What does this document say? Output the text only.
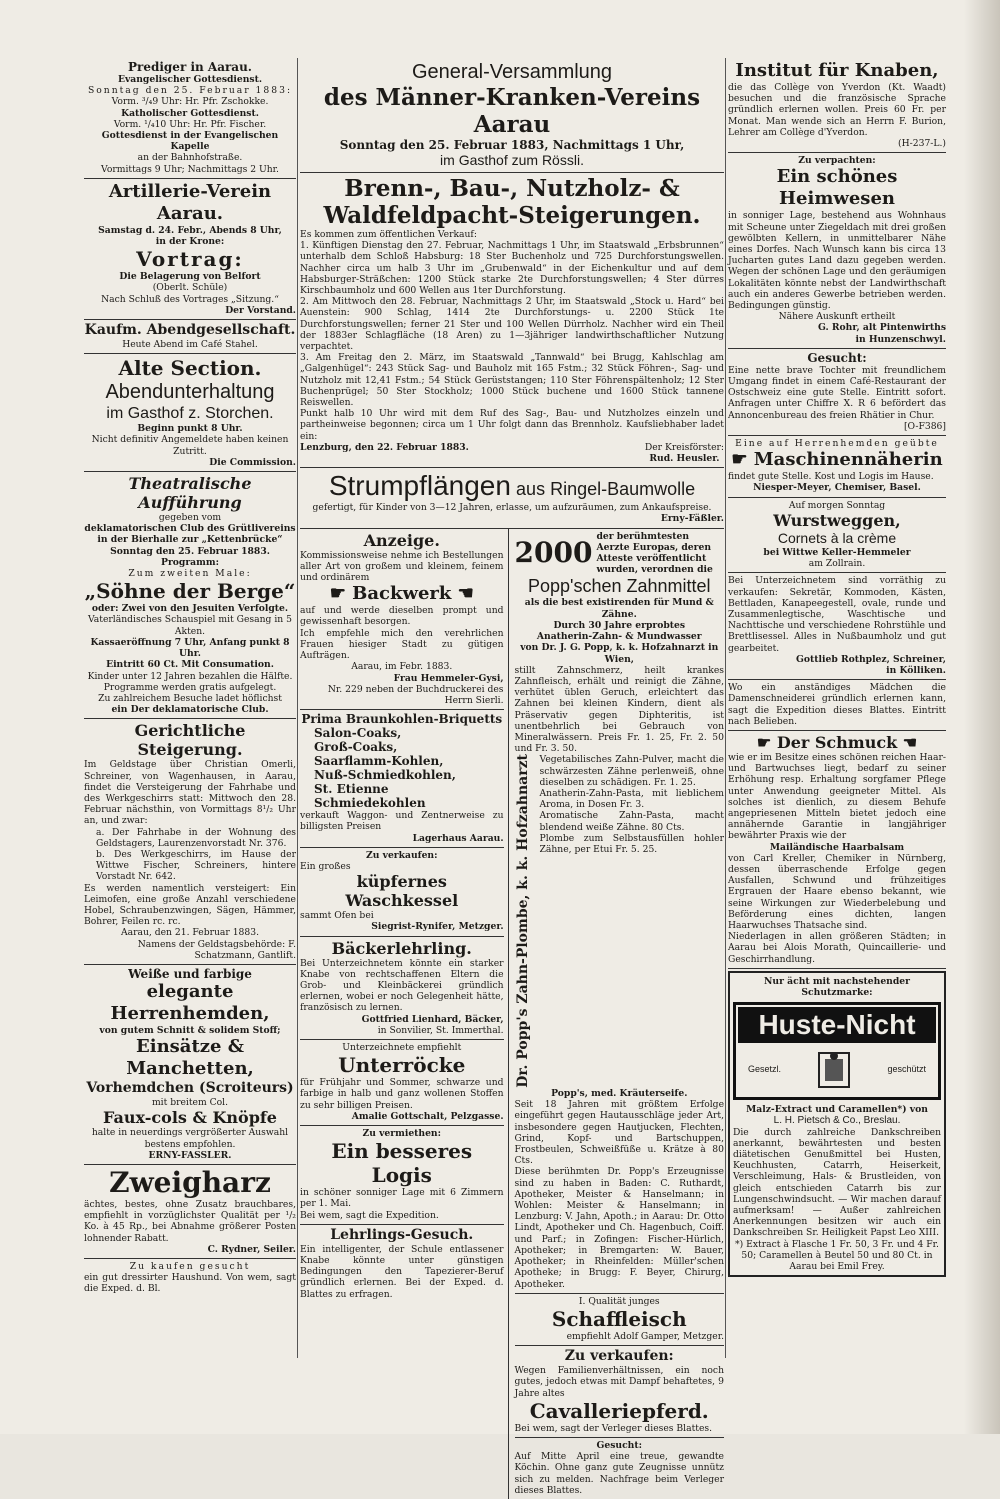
Prediger in Aarau.
Evangelischer Gottesdienst.
Sonntag den 25. Februar 1883:
Vorm. ³/₄9 Uhr: Hr. Pfr. Zschokke.
Katholischer Gottesdienst.
Vorm. ¹/₄10 Uhr: Hr. Pfr. Fischer.
Gottesdienst in der Evangelischen Kapelle
an der Bahnhofstraße.
Vormittags 9 Uhr; Nachmittags 2 Uhr.
Artillerie-Verein Aarau.
Samstag d. 24. Febr., Abends 8 Uhr,
in der Krone:
Vortrag:
Die Belagerung von Belfort
(Oberlt. Schüle)
Nach Schluß des Vortrages „Sitzung.“
Der Vorstand.
Kaufm. Abendgesellschaft.
Heute Abend im Café Stahel.
Alte Section.
Abendunterhaltung
im Gasthof z. Storchen.
Beginn punkt 8 Uhr.
Nicht definitiv Angemeldete haben keinen Zutritt.
Die Commission.
Theatralische Aufführung
gegeben vom
deklamatorischen Club des Grütlivereins
in der Bierhalle zur „Kettenbrücke“
Sonntag den 25. Februar 1883.
Programm:
Zum zweiten Male:
„Söhne der Berge“
oder: Zwei von den Jesuiten Verfolgte.
Vaterländisches Schauspiel mit Gesang in 5 Akten.
Kassaeröffnung 7 Uhr, Anfang punkt 8 Uhr.
Eintritt 60 Ct. Mit Consumation.
Kinder unter 12 Jahren bezahlen die Hälfte.
Programme werden gratis aufgelegt.
Zu zahlreichem Besuche ladet höflichst
ein Der deklamatorische Club.
Gerichtliche Steigerung.
Im Geldstage über Christian Omerli, Schreiner, von Wagenhausen, in Aarau, findet die Versteigerung der Fahrhabe und des Werkgeschirrs statt: Mittwoch den 28. Februar nächsthin, von Vormittags 8¹/₂ Uhr an, und zwar:
a. Der Fahrhabe in der Wohnung des Geldstagers, Laurenzenvorstadt Nr. 376.
b. Des Werkgeschirrs, im Hause der Wittwe Fischer, Schreiners, hintere Vorstadt Nr. 642.
Es werden namentlich versteigert: Ein Leimofen, eine große Anzahl verschiedene Hobel, Schraubenzwingen, Sägen, Hämmer, Bohrer, Feilen rc. rc.
Aarau, den 21. Februar 1883.
Namens der Geldstagsbehörde: F. Schatzmann, Gantlift.
Weiße und farbige
elegante Herrenhemden,
von gutem Schnitt & solidem Stoff;
Einsätze & Manchetten,
Vorhemdchen (Scroiteurs)
mit breitem Col.
Faux-cols & Knöpfe
halte in neuerdings vergrößerter Auswahl bestens empfohlen.
ERNY-FASSLER.
Zweigharz
ächtes, bestes, ohne Zusatz brauchbares, empfiehlt in vorzüglichster Qualität per ¹/₂ Ko. à 45 Rp., bei Abnahme größerer Posten lohnender Rabatt.
C. Rydner, Seiler.
Zu kaufen gesucht
ein gut dressirter Haushund. Von wem, sagt die Exped. d. Bl.
General-Versammlung
des Männer-Kranken-Vereins Aarau
Sonntag den 25. Februar 1883, Nachmittags 1 Uhr,
im Gasthof zum Rössli.
Brenn-, Bau-, Nutzholz- & Waldfeldpacht-Steigerungen.
Es kommen zum öffentlichen Verkauf:
1. Künftigen Dienstag den 27. Februar, Nachmittags 1 Uhr, im Staatswald „Erbsbrunnen“ unterhalb dem Schloß Habsburg: 18 Ster Buchenholz und 725 Durchforstungswellen. Nachher circa um halb 3 Uhr im „Grubenwald“ in der Eichenkultur und auf dem Habsburger-Sträßchen: 1200 Stück starke 2te Durchforstungswellen; 4 Ster dürres Kirschbaumholz und 600 Wellen aus 1ter Durchforstung.
2. Am Mittwoch den 28. Februar, Nachmittags 2 Uhr, im Staatswald „Stock u. Hard“ bei Auenstein: 900 Schlag, 1414 2te Durchforstungs- u. 2200 Stück 1te Durchforstungswellen; ferner 21 Ster und 100 Wellen Dürrholz. Nachher wird ein Theil der 1883er Schlagfläche (18 Aren) zu 1—3jähriger landwirthschaftlicher Nutzung verpachtet.
3. Am Freitag den 2. März, im Staatswald „Tannwald“ bei Brugg, Kahlschlag am „Galgenhügel“: 243 Stück Sag- und Bauholz mit 165 Fstm.; 32 Stück Föhren-, Sag- und Nutzholz mit 12,41 Fstm.; 54 Stück Gerüststangen; 110 Ster Föhrenspältenholz; 12 Ster Buchenprügel; 50 Ster Stockholz; 1000 Stück buchene und 1600 Stück tannene Reiswellen.
Punkt halb 10 Uhr wird mit dem Ruf des Sag-, Bau- und Nutzholzes einzeln und partheinweise begonnen; circa um 1 Uhr folgt dann das Brennholz. Kaufsliebhaber ladet ein:
Lenzburg, den 22. Februar 1883.	Der Kreisförster:
Rud. Heusler.
Strumpflängen aus Ringel-Baumwolle
gefertigt, für Kinder von 3—12 Jahren, erlasse, um aufzuräumen, zum Ankaufspreise.
Erny-Fäßler.
Anzeige.
Kommissionsweise nehme ich Bestellungen aller Art von großem und kleinem, feinem und ordinärem
☛ Backwerk ☚
auf und werde dieselben prompt und gewissenhaft besorgen.
Ich empfehle mich den verehrlichen Frauen hiesiger Stadt zu gütigen Aufträgen.
Aarau, im Febr. 1883.
Frau Hemmeler-Gysi,
Nr. 229 neben der Buchdruckerei des Herrn Sierli.
Prima Braunkohlen-Briquetts
Salon-Coaks,
Groß-Coaks,
Saarflamm-Kohlen,
Nuß-Schmiedkohlen,
St. Etienne Schmiedekohlen
verkauft Waggon- und Zentnerweise zu billigsten Preisen
Lagerhaus Aarau.
Zu verkaufen:
Ein großes
küpfernes Waschkessel
sammt Ofen bei
Siegrist-Rynifer, Metzger.
Bäckerlehrling.
Bei Unterzeichnetem könnte ein starker Knabe von rechtschaffenen Eltern die Grob- und Kleinbäckerei gründlich erlernen, wobei er noch Gelegenheit hätte, französisch zu lernen.
Gottfried Lienhard, Bäcker,
in Sonvilier, St. Immerthal.
Unterzeichnete empfiehlt
Unterröcke
für Frühjahr und Sommer, schwarze und farbige in halb und ganz wollenen Stoffen zu sehr billigen Preisen.
Amalie Gottschalt, Pelzgasse.
Zu vermiethen:
Ein besseres Logis
in schöner sonniger Lage mit 6 Zimmern per 1. Mai.
Bei wem, sagt die Expedition.
Lehrlings-Gesuch.
Ein intelligenter, der Schule entlassener Knabe könnte unter günstigen Bedingungen den Tapezierer-Beruf gründlich erlernen. Bei der Exped. d. Blattes zu erfragen.
2000 der berühmtesten Aerzte Europas, deren Atteste veröffentlicht wurden, verordnen die
Popp'schen Zahnmittel
als die best existirenden für Mund & Zähne.
Durch 30 Jahre erprobtes
Anatherin-Zahn- & Mundwasser
von Dr. J. G. Popp, k. k. Hofzahnarzt in Wien,
stillt Zahnschmerz, heilt krankes Zahnfleisch, erhält und reinigt die Zähne, verhütet üblen Geruch, erleichtert das Zahnen bei kleinen Kindern, dient als Präservativ gegen Diphteritis, ist unentbehrlich bei Gebrauch von Mineralwässern. Preis Fr. 1. 25, Fr. 2. 50 und Fr. 3. 50.
Dr. Popp's Zahn-Plombe, k. k. Hofzahnarzt Vegetabilisches Zahn-Pulver, macht die schwärzesten Zähne perlenweiß, ohne dieselben zu schädigen. Fr. 1. 25.
Anatherin-Zahn-Pasta, mit lieblichem Aroma, in Dosen Fr. 3.
Aromatische Zahn-Pasta, macht blendend weiße Zähne. 80 Cts.
Plombe zum Selbstausfüllen hohler Zähne, per Etui Fr. 5. 25.
Popp's, med. Kräuterseife.
Seit 18 Jahren mit größtem Erfolge eingeführt gegen Hautausschläge jeder Art, insbesondere gegen Hautjucken, Flechten, Grind, Kopf- und Bartschuppen, Frostbeulen, Schweißfüße u. Krätze à 80 Cts.
Diese berühmten Dr. Popp's Erzeugnisse sind zu haben in Baden: C. Ruthardt, Apotheker, Meister & Hanselmann; in Wohlen: Meister & Hanselmann; in Lenzburg: V. Jahn, Apoth.; in Aarau: Dr. Otto Lindt, Apotheker und Ch. Hagenbuch, Coiff. und Parf.; in Zofingen: Fischer-Hürlich, Apotheker; in Bremgarten: W. Bauer, Apotheker; in Rheinfelden: Müller'schen Apotheke; in Brugg: F. Beyer, Chirurg, Apotheker.
I. Qualität junges
Schaffleisch
empfiehlt Adolf Gamper, Metzger.
Zu verkaufen:
Wegen Familienverhältnissen, ein noch gutes, jedoch etwas mit Dampf behaftetes, 9 Jahre altes
Cavalleriepferd.
Bei wem, sagt der Verleger dieses Blattes.
Gesucht:
Auf Mitte April eine treue, gewandte Köchin. Ohne ganz gute Zeugnisse unnütz sich zu melden. Nachfrage beim Verleger dieses Blattes.
Institut für Knaben,
die das Collège von Yverdon (Kt. Waadt) besuchen und die französische Sprache gründlich erlernen wollen. Preis 60 Fr. per Monat. Man wende sich an Herrn F. Burion, Lehrer am Collège d'Yverdon.
(H-237-L.)
Zu verpachten:
Ein schönes Heimwesen
in sonniger Lage, bestehend aus Wohnhaus mit Scheune unter Ziegeldach mit drei großen gewölbten Kellern, in unmittelbarer Nähe eines Dorfes. Nach Wunsch kann bis circa 13 Jucharten gutes Land dazu gegeben werden. Wegen der schönen Lage und den geräumigen Lokalitäten könnte nebst der Landwirthschaft auch ein anderes Gewerbe betrieben werden. Bedingungen günstig.
Nähere Auskunft ertheilt
G. Rohr, alt Pintenwirths
in Hunzenschwyl.
Gesucht:
Eine nette brave Tochter mit freundlichem Umgang findet in einem Café-Restaurant der Ostschweiz eine gute Stelle. Eintritt sofort. Anfragen unter Chiffre X. R 6 befördert das Annoncenbureau des freien Rhätier in Chur.
[O-F386]
Eine auf Herrenhemden geübte
☛ Maschinennäherin
findet gute Stelle. Kost und Logis im Hause.
Niesper-Meyer, Chemiser, Basel.
Auf morgen Sonntag
Wurstweggen,
Cornets à la crème
bei Wittwe Keller-Hemmeler
am Zollrain.
Bei Unterzeichnetem sind vorräthig zu verkaufen: Sekretär, Kommoden, Kästen, Bettladen, Kanapeegestell, ovale, runde und Zusammenlegtische, Waschtische und Nachttische und verschiedene Rohrstühle und Brettlisessel. Alles in Nußbaumholz und gut gearbeitet.
Gottlieb Rothplez, Schreiner,
in Kölliken.
Wo ein anständiges Mädchen die Damenschneiderei gründlich erlernen kann, sagt die Expedition dieses Blattes. Eintritt nach Belieben.
☛ Der Schmuck ☚
wie er im Besitze eines schönen reichen Haar- und Bartwuchses liegt, bedarf zu seiner Erhöhung resp. Erhaltung sorgfamer Pflege unter Anwendung geeigneter Mittel. Als solches ist dienlich, zu diesem Behufe angepriesenen Mitteln bietet jedoch eine annähernde Garantie in langjähriger bewährter Praxis wie der
Mailändische Haarbalsam
von Carl Kreller, Chemiker in Nürnberg, dessen überraschende Erfolge gegen Ausfallen, Schwund und frühzeitiges Ergrauen der Haare ebenso bekannt, wie seine Wirkungen zur Wiederbelebung und Beförderung eines dichten, langen Haarwuchses Thatsache sind.
Niederlagen in allen größeren Städten; in Aarau bei Alois Morath, Quincaillerie- und Geschirrhandlung.
Nur ächt mit nachstehender Schutzmarke:
Huste-Nicht
Gesetzl.	geschützt
Malz-Extract und Caramellen*) von
L. H. Pietsch & Co., Breslau.
Die durch zahlreiche Dankschreiben anerkannt, bewährtesten und besten diätetischen Genußmittel bei Husten, Keuchhusten, Catarrh, Heiserkeit, Verschleimung, Hals- & Brustleiden, von gleich entschieden Catarrh bis zur Lungenschwindsucht. — Wir machen darauf aufmerksam! — Außer zahlreichen Anerkennungen besitzen wir auch ein Dankschreiben Sr. Heiligkeit Papst Leo XIII.
*) Extract à Flasche 1 Fr. 50, 3 Fr. und 4 Fr. 50; Caramellen à Beutel 50 und 80 Ct. in Aarau bei Emil Frey.
